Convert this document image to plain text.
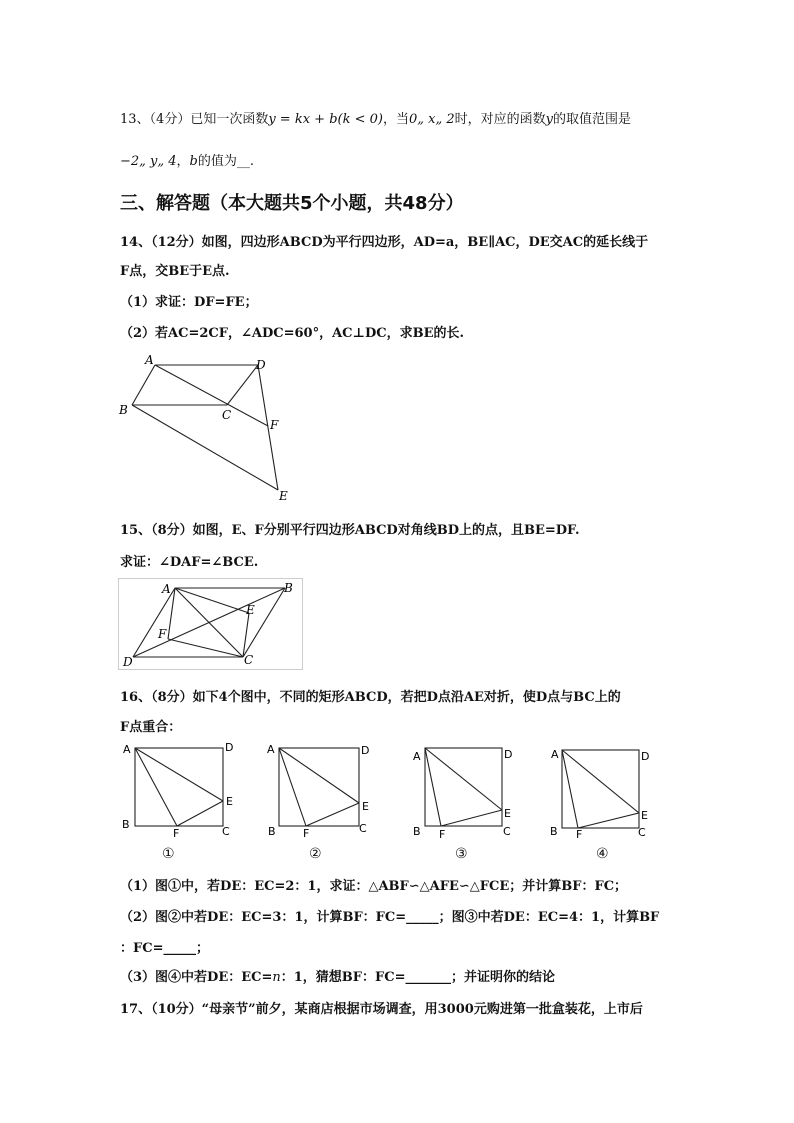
13、（4分）已知一次函数y = kx + b(k < 0)，当0„ x„ 2时，对应的函数y的取值范围是
−2„ y„ 4，b的值为__.
三、解答题（本大题共5个小题，共48分）
14、（12分）如图，四边形ABCD为平行四边形，AD=a，BE∥AC，DE交AC的延长线于
F点，交BE于E点.
（1）求证：DF=FE；
（2）若AC=2CF，∠ADC=60°，AC⊥DC，求BE的长.
A	D
B	C
F
E
15、（8分）如图，E、F分别平行四边形ABCD对角线BD上的点，且BE=DF.
求证：∠DAF=∠BCE.
A	B
E
F
D	C
16、（8分）如下4个图中，不同的矩形ABCD，若把D点沿AE对折，使D点与BC上的
F点重合：
A	D
E
B
F	C
A	D
E
B F	C
A	D
E
B F	C
A	D
E
B F	C
①	②	③	④
（1）图①中，若DE：EC=2：1，求证：△ABF∽△AFE∽△FCE；并计算BF：FC；
（2）图②中若DE：EC=3：1，计算BF：FC=_____；图③中若DE：EC=4：1，计算BF
：FC=_____；
（3）图④中若DE：EC=n：1，猜想BF：FC=_______；并证明你的结论
17、（10分）“母亲节”前夕，某商店根据市场调查，用3000元购进第一批盒装花，上市后
